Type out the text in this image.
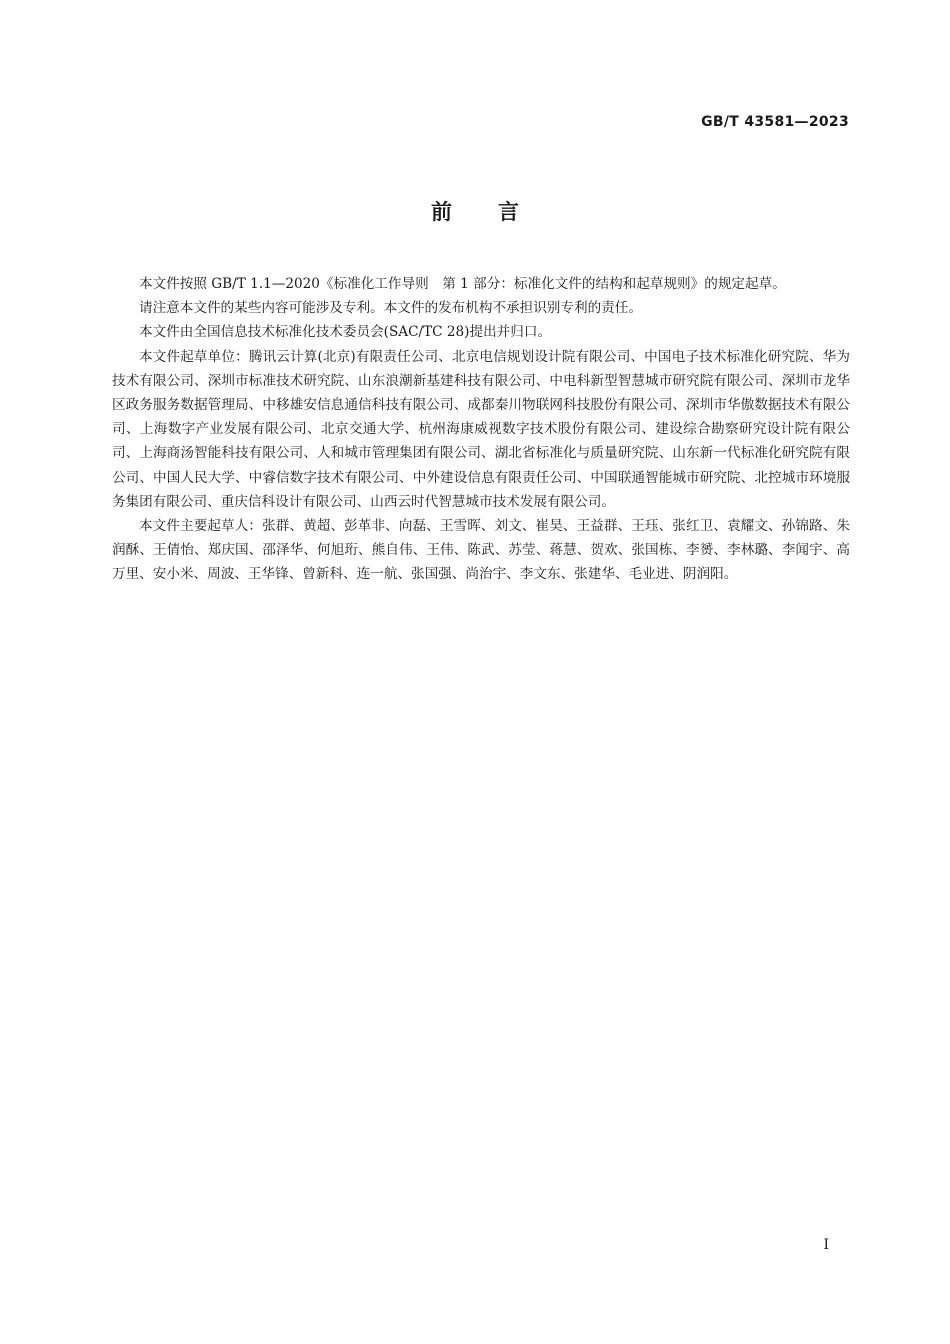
GB/T 43581—2023
前言

本文件按照 GB/T 1.1—2020《标准化工作导则　第 1 部分：标准化文件的结构和起草规则》的规定起草。

请注意本文件的某些内容可能涉及专利。本文件的发布机构不承担识别专利的责任。

本文件由全国信息技术标准化技术委员会(SAC/TC 28)提出并归口。

本文件起草单位：腾讯云计算(北京)有限责任公司、北京电信规划设计院有限公司、中国电子技术标准化研究院、华为技术有限公司、深圳市标准技术研究院、山东浪潮新基建科技有限公司、中电科新型智慧城市研究院有限公司、深圳市龙华区政务服务数据管理局、中移雄安信息通信科技有限公司、成都秦川物联网科技股份有限公司、深圳市华傲数据技术有限公司、上海数字产业发展有限公司、北京交通大学、杭州海康威视数字技术股份有限公司、建设综合勘察研究设计院有限公司、上海商汤智能科技有限公司、人和城市管理集团有限公司、湖北省标准化与质量研究院、山东新一代标准化研究院有限公司、中国人民大学、中睿信数字技术有限公司、中外建设信息有限责任公司、中国联通智能城市研究院、北控城市环境服务集团有限公司、重庆信科设计有限公司、山西云时代智慧城市技术发展有限公司。

本文件主要起草人：张群、黄超、彭革非、向磊、王雪晖、刘文、崔昊、王益群、王珏、张红卫、袁耀文、孙锦路、朱润酥、王倩怡、郑庆国、邵泽华、何旭珩、熊自伟、王伟、陈武、苏莹、蒋慧、贺欢、张国栋、李赟、李林璐、李闻宇、高万里、安小米、周波、王华锋、曾新科、连一航、张国强、尚治宇、李文东、张建华、毛业进、阴润阳。

I
